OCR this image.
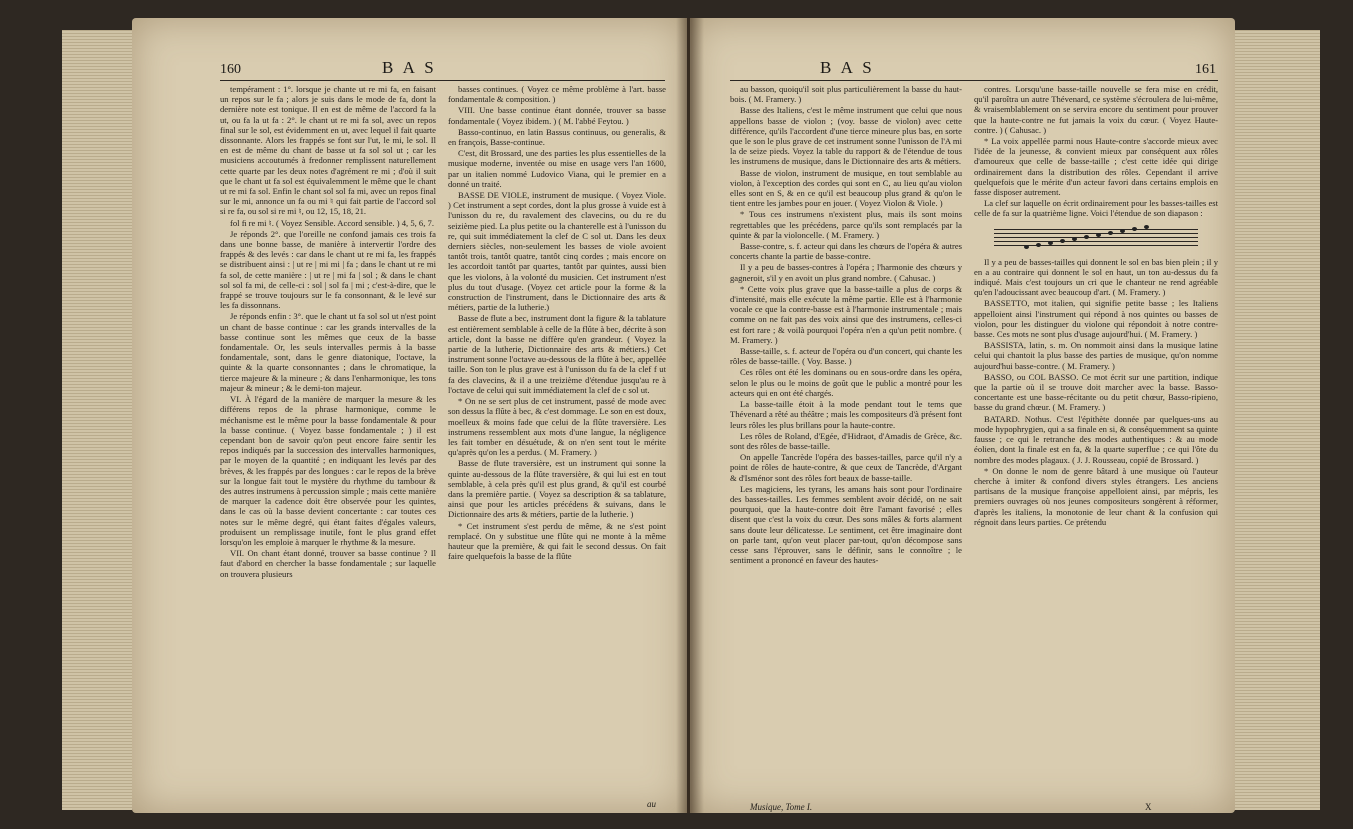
160	B A S

tempérament : 1°. lorsque je chante ut re mi fa, en faisant un repos sur le fa ; alors je suis dans le mode de fa, dont la dernière note est tonique. Il en est de même de l'accord fa la ut, ou fa la ut fa : 2°. le chant ut re mi fa sol, avec un repos final sur le sol, est évidemment en ut, avec lequel il fait quarte dissonnante. Alors les frappés se font sur l'ut, le mi, le sol. Il en est de même du chant de basse ut fa sol sol ut ; car les musiciens accoutumés à fredonner remplissent naturellement cette quarte par les deux notes d'agrément re mi ; d'où il suit que le chant ut fa sol est équivalemment le même que le chant ut re mi fa sol. Enfin le chant sol sol fa mi, avec un repos final sur le mi, annonce un fa ou mi ♮ qui fait partie de l'accord sol si re fa, ou sol si re mi ♮, ou 12, 15, 18, 21.

fol ﬁ re mi ♮. ( Voyez Sensible. Accord sensible. ) 4, 5, 6, 7.

Je réponds 2°. que l'oreille ne confond jamais ces trois fa dans une bonne basse, de manière à intervertir l'ordre des frappés & des levés : car dans le chant ut re mi fa, les frappés se distribuent ainsi : | ut re | mi mi | fa ; dans le chant ut re mi fa sol, de cette manière : | ut re | mi fa | sol ; & dans le chant sol sol fa mi, de celle-ci : sol | sol fa | mi ; c'est-à-dire, que le frappé se trouve toujours sur le fa consonnant, & le levé sur les fa dissonnans.

Je réponds enfin : 3°. que le chant ut fa sol sol ut n'est point un chant de basse continue : car les grands intervalles de la basse continue sont les mêmes que ceux de la basse fondamentale. Or, les seuls intervalles permis à la basse fondamentale, sont, dans le genre diatonique, l'octave, la quinte & la quarte consonnantes ; dans le chromatique, la tierce majeure & la mineure ; & dans l'enharmonique, les tons majeur & mineur ; & le demi-ton majeur.

VI. À l'égard de la manière de marquer la mesure & les différens repos de la phrase harmonique, comme le méchanisme est le même pour la basse fondamentale & pour la basse continue. ( Voyez basse fondamentale ; ) il est cependant bon de savoir qu'on peut encore faire sentir les repos indiqués par la succession des intervalles harmoniques, par le moyen de la quantité ; en indiquant les levés par des brèves, & les frappés par des longues : car le repos de la brève sur la longue fait tout le mystère du rhythme du tambour & des autres instrumens à percussion simple ; mais cette manière de marquer la cadence doit être observée pour les quintes, dans le cas où la basse devient concertante : car toutes ces notes sur le même degré, qui étant faites d'égales valeurs, produisent un remplissage inutile, font le plus grand effet lorsqu'on les emploie à marquer le rhythme & la mesure.

VII. On chant étant donné, trouver sa basse continue ? Il faut d'abord en chercher la basse fondamentale ; sur laquelle on trouvera plusieurs

basses continues. ( Voyez ce même problème à l'art. basse fondamentale & composition. )

VIII. Une basse continue étant donnée, trouver sa basse fondamentale ( Voyez ibidem. ) ( M. l'abbé Feytou. )

Basso-continuo, en latin Bassus continuus, ou generalis, & en françois, Basse-continue.

C'est, dit Brossard, une des parties les plus essentielles de la musique moderne, inventée ou mise en usage vers l'an 1600, par un italien nommé Ludovico Viana, qui le premier en a donné un traité.

BASSE DE VIOLE, instrument de musique. ( Voyez Viole. ) Cet instrument a sept cordes, dont la plus grosse à vuide est à l'unisson du re, du ravalement des clavecins, ou du re du seizième pied. La plus petite ou la chanterelle est à l'unisson du re, qui suit immédiatement la clef de C sol ut. Dans les deux derniers siècles, non-seulement les basses de viole avoient tantôt trois, tantôt quatre, tantôt cinq cordes ; mais encore on les accordoit tantôt par quartes, tantôt par quintes, aussi bien que les violons, à la volonté du musicien. Cet instrument n'est plus du tout d'usage. (Voyez cet article pour la forme & la construction de l'instrument, dans le Dictionnaire des arts & métiers, partie de la lutherie.)

Basse de flute a bec, instrument dont la figure & la tablature est entièrement semblable à celle de la flûte à bec, décrite à son article, dont la basse ne diffère qu'en grandeur. ( Voyez la partie de la lutherie, Dictionnaire des arts & métiers.) Cet instrument sonne l'octave au-dessous de la flûte à bec, appellée taille. Son ton le plus grave est à l'unisson du fa de la clef f ut fa des clavecins, & il a une treizième d'étendue jusqu'au re à l'octave de celui qui suit immédiatement la clef de c sol ut.

* On ne se sert plus de cet instrument, passé de mode avec son dessus la flûte à bec, & c'est dommage. Le son en est doux, moelleux & moins fade que celui de la flûte traversière. Les instrumens ressemblent aux mots d'une langue, la négligence les fait tomber en désuétude, & on n'en sent tout le mérite qu'après qu'on les a perdus. ( M. Framery. )

Basse de flute traversière, est un instrument qui sonne la quinte au-dessous de la flûte traversière, & qui lui est en tout semblable, à cela près qu'il est plus grand, & qu'il est courbé dans la première partie. ( Voyez sa description & sa tablature, ainsi que pour les articles précédens & suivans, dans le Dictionnaire des arts & métiers, partie de la lutherie. )

* Cet instrument s'est perdu de même, & ne s'est point remplacé. On y substitue une flûte qui ne monte à la même hauteur que la première, & qui fait le second dessus. On fait faire quelquefois la basse de la flûte

au
B A S	161

au basson, quoiqu'il soit plus particulièrement la basse du haut-bois. ( M. Framery. )

Basse des Italiens, c'est le même instrument que celui que nous appellons basse de violon ; (voy. basse de violon) avec cette différence, qu'ils l'accordent d'une tierce mineure plus bas, en sorte que le son le plus grave de cet instrument sonne l'unisson de l'A mi la de seize pieds. Voyez la table du rapport & de l'étendue de tous les instrumens de musique, dans le Dictionnaire des arts & métiers.

Basse de violon, instrument de musique, en tout semblable au violon, à l'exception des cordes qui sont en C, au lieu qu'au violon elles sont en S, & en ce qu'il est beaucoup plus grand & qu'on le tient entre les jambes pour en jouer. ( Voyez Violon & Viole. )

* Tous ces instrumens n'existent plus, mais ils sont moins regrettables que les précédens, parce qu'ils sont remplacés par la quinte & par la violoncelle. ( M. Framery. )

Basse-contre, s. f. acteur qui dans les chœurs de l'opéra & autres concerts chante la partie de basse-contre.

Il y a peu de basses-contres à l'opéra ; l'harmonie des chœurs y gagneroit, s'il y en avoit un plus grand nombre. ( Cahusac. )

* Cette voix plus grave que la basse-taille a plus de corps & d'intensité, mais elle exécute la même partie. Elle est à l'harmonie vocale ce que la contre-basse est à l'harmonie instrumentale ; mais comme on ne fait pas des voix ainsi que des instrumens, celles-ci est fort rare ; & voilà pourquoi l'opéra n'en a qu'un petit nombre. ( M. Framery. )

Basse-taille, s. f. acteur de l'opéra ou d'un concert, qui chante les rôles de basse-taille. ( Voy. Basse. )

Ces rôles ont été les dominans ou en sous-ordre dans les opéra, selon le plus ou le moins de goût que le public a montré pour les acteurs qui en ont été chargés.

La basse-taille étoit à la mode pendant tout le tems que Thévenard a rêté au théâtre ; mais les compositeurs d'à présent font leurs rôles les plus brillans pour la haute-contre.

Les rôles de Roland, d'Egée, d'Hidraot, d'Amadis de Grèce, &c. sont des rôles de basse-taille.

On appelle Tancrède l'opéra des basses-tailles, parce qu'il n'y a point de rôles de haute-contre, & que ceux de Tancrède, d'Argant & d'Isménor sont des rôles fort beaux de basse-taille.

Les magiciens, les tyrans, les amans hais sont pour l'ordinaire des basses-tailles. Les femmes semblent avoir décidé, on ne sait pourquoi, que la haute-contre doit être l'amant favorisé ; elles disent que c'est la voix du cœur. Des sons mâles & forts alarment sans doute leur délicatesse. Le sentiment, cet être imaginaire dont on parle tant, qu'on veut placer par-tout, qu'on décompose sans cesse sans l'éprouver, sans le définir, sans le connoître ; le sentiment a prononcé en faveur des hautes-

contres. Lorsqu'une basse-taille nouvelle se fera mise en crédit, qu'il paroîtra un autre Thévenard, ce système s'écroulera de lui-même, & vraisemblablement on se servira encore du sentiment pour prouver que la haute-contre ne fut jamais la voix du cœur. ( Voyez Haute-contre. ) ( Cahusac. )

* La voix appellée parmi nous Haute-contre s'accorde mieux avec l'idée de la jeunesse, & convient mieux par conséquent aux rôles d'amoureux que celle de basse-taille ; c'est cette idée qui dirige ordinairement dans la distribution des rôles. Cependant il arrive quelquefois que le mérite d'un acteur favori dans certains emplois en fasse disposer autrement.

La clef sur laquelle on écrit ordinairement pour les basses-tailles est celle de fa sur la quatrième ligne. Voici l'étendue de son diapason :

Il y a peu de basses-tailles qui donnent le sol en bas bien plein ; il y en a au contraire qui donnent le sol en haut, un ton au-dessus du fa indiqué. Mais c'est toujours un cri que le chanteur ne rend agréable qu'en l'adoucissant avec beaucoup d'art. ( M. Framery. )

BASSETTO, mot italien, qui signifie petite basse ; les Italiens appelloient ainsi l'instrument qui répond à nos quintes ou basses de violon, pour les distinguer du violone qui répondoit à notre contre-basse. Ces mots ne sont plus d'usage aujourd'hui. ( M. Framery. )

BASSISTA, latin, s. m. On nommoit ainsi dans la musique latine celui qui chantoit la plus basse des parties de musique, qu'on nomme aujourd'hui basse-contre. ( M. Framery. )

BASSO, ou COL BASSO. Ce mot écrit sur une partition, indique que la partie où il se trouve doit marcher avec la basse. Basso-concertante est une basse-récitante ou du petit chœur, Basso-ripieno, basse du grand chœur. ( M. Framery. )

BATARD. Nothus. C'est l'épithète donnée par quelques-uns au mode hypophrygien, qui a sa finale en si, & conséquemment sa quinte fausse ; ce qui le retranche des modes authentiques : & au mode éolien, dont la finale est en fa, & la quarte superflue ; ce qui l'ôte du nombre des modes plagaux. ( J. J. Rousseau, copié de Brossard. )

* On donne le nom de genre bâtard à une musique où l'auteur cherche à imiter & confond divers styles étrangers. Les anciens partisans de la musique françoise appelloient ainsi, par mépris, les premiers ouvrages où nos jeunes compositeurs songèrent à réformer, d'après les italiens, la monotonie de leur chant & la confusion qui régnoit dans leurs parties. Ce prétendu

Musique, Tome I.	X
